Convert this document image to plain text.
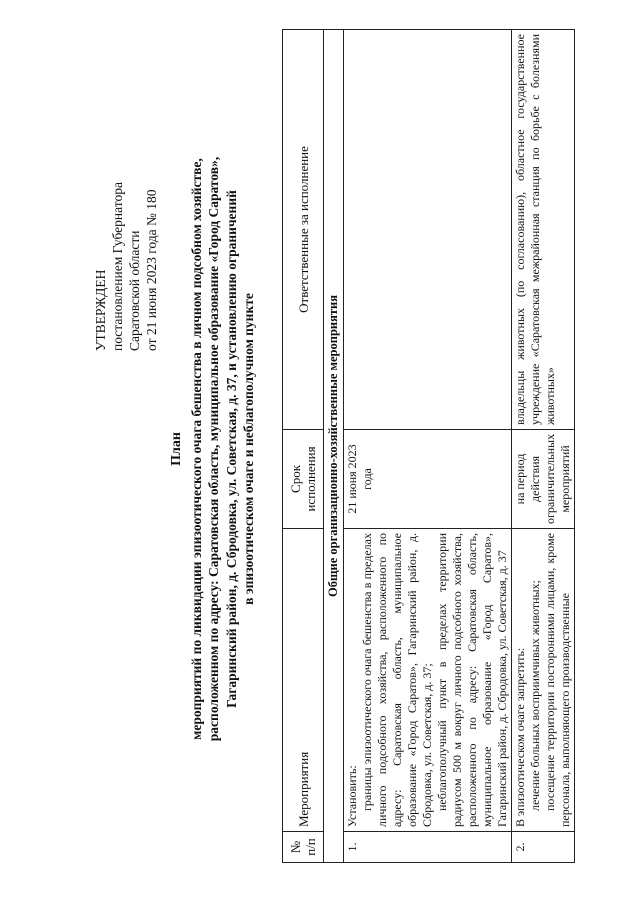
УТВЕРЖДЕН постановлением Губернатора Саратовской области от 21 июня 2023 года № 180
План мероприятий по ликвидации эпизоотического очага бешенства в личном подсобном хозяйстве, расположенном по адресу: Саратовская область, муниципальное образование «Город Саратов», Гагаринский район, д. Сбродовка, ул. Советская, д. 37, и установлению ограничений в эпизоотическом очаге и неблагополучном пункте
№ п/п	Мероприятия	Срок исполнения	Ответственные за исполнение
Общие организационно-хозяйственные мероприятия			
1.	Установить: границы эпизоотического очага бешенства в пределах личного подсобного хозяйства, расположенного по адресу: Саратовская область, муниципальное образование «Город Саратов», Гагаринский район, д. Сбродовка, ул. Советская, д. 37; неблагополучный пункт в пределах территории радиусом 500 м вокруг личного подсобного хозяйства, расположенного по адресу: Саратовская область, муниципальное образование «Город Саратов», Гагаринский район, д. Сбродовка, ул. Советская, д. 37	21 июня 2023 года	
2.	В эпизоотическом очаге запретить: лечение больных восприимчивых животных; посещение территории посторонними лицами, кроме персонала, выполняющего производственные	на период действия ограничительных мероприятий	владельцы животных (по согласованию), областное государственное учреждение «Саратовская межрайонная станция по борьбе с болезнями животных»
